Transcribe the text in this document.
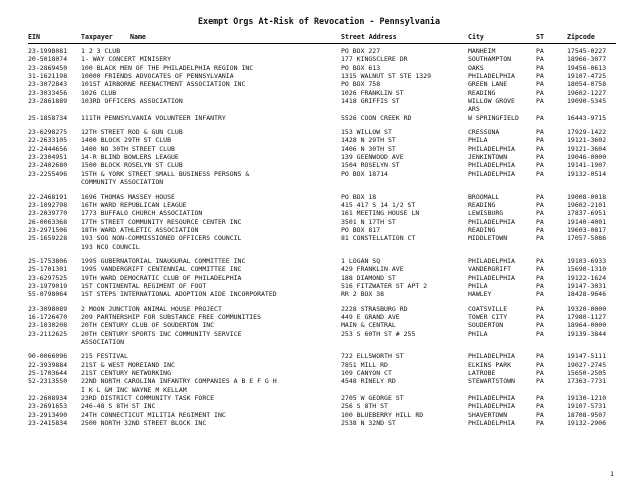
Exempt Orgs At-Risk of Revocation - Pennsylvania
EIN	Taxpayer	Name	Street Address	City	ST	Zipcode
23-1998081 1 2 3 CLUB	PO BOX 227	MANHEIM	PA	17545-0227
20-5018074 1- WAY CONCERT MINISERY	177 KINGSCLERE DR	SOUTHAMPTON	PA	18966-3077
23-2869450 100 BLACK MEN OF THE PHILADELPHIA REGION INC	PO BOX 613	OAKS	PA	19456-0613
31-1621198 10000 FRIENDS ADVOCATES OF PENNSYLVANIA	1315 WALNUT ST STE 1329	PHILADELPHIA	PA	19107-4725
23-3072843 101ST AIRBORNE REENACTMENT ASSOCIATION INC	PO BOX 758	GREEN LANE	PA	18054-0758
23-3033456 1026 CLUB	1026 FRANKLIN ST	READING	PA	19602-1227
23-2861889 103RD OFFICERS ASSOCIATION	1418 GRIFFIS ST	WILLOW GROVE	PA	19090-5345
ARS
25-1858734 111TH PENNSYLVANIA VOLUNTEER INFANTRY	5526 COON CREEK RD	W SPRINGFIELD	PA	16443-9715
23-6298275 12TH STREET ROD & GUN CLUB	153 WILLOW ST	CRESSONA	PA	17929-1422
22-2633105 1400 BLOCK 29TH ST CLUB	1428 N 29TH ST	PHILA	PA	19121-3602
22-2444656 1400 NO 30TH STREET CLUB	1406 N 30TH ST	PHILADELPHIA	PA	19121-3604
23-2304951 14-R BLIND BOWLERS LEAGUE	139 GEENWOOD AVE	JENKINTOWN	PA	19046-0000
23-2402680 1500 BLOCK ROSELYN ST CLUB	1504 ROSELYN ST	PHILADELPHIA	PA	19141-1907
23-2255496 15TH & YORK STREET SMALL BUSINESS PERSONS &	PO BOX 18714	PHILADELPHIA	PA	19132-0514
COMMUNITY ASSOCIATION
22-2468191 1696 THOMAS MASSEY HOUSE	PO BOX 18	BROOMALL	PA	19008-0018
23-1092798 16TH WARD REPUBLICAN LEAGUE	415 417 S 14 1/2 ST	READING	PA	19602-2101
23-2039770 1773 BUFFALO CHURCH ASSOCIATION	161 MEETING HOUSE LN	LEWISBURG	PA	17837-6951
26-0063368 17TH STREET COMMUNITY RESOURCE CENTER INC	3501 N 17TH ST	PHILADELPHIA	PA	19140-4001
23-2971506 18TH WARD ATHLETIC ASSOCIATION	PO BOX 817	READING	PA	19603-0817
25-1659228 193 SOG NON-COMMISSIONED OFFICERS COUNCIL	81 CONSTELLATION CT	MIDDLETOWN	PA	17057-5086
193 NCO COUNCIL
25-1753806 1995 GUBERNATORIAL INAUGURAL COMMITTEE INC	1 LOGAN SQ	PHILADELPHIA	PA	19103-6933
25-1701301 1995 VANDERGRIFT CENTENNIAL COMMITTEE INC	429 FRANKLIN AVE	VANDERGRIFT	PA	15690-1310
23-6297525 19TH WARD DEMOCRATIC CLUB OF PHILADELPHIA	188 DIAMOND ST	PHILADELPHIA	PA	19122-1624
23-1979019 1ST CONTINENTAL REGIMENT OF FOOT	516 FITZWATER ST APT 2	PHILA	PA	19147-3031
55-0798064 1ST STEPS INTERNATIONAL ADOPTION AIDE INCORPORATED	RR 2 BOX 38	HAWLEY	PA	18428-9646
23-3098089 2 MOON JUNCTION ANIMAL HOUSE PROJECT	2228 STRASBURG RD	COATSVILLE	PA	19320-0000
16-1726470 209 PARTNERSHIP FOR SUBSTANCE FREE COMMUNITIES	449 E GRAND AVE	TOWER CITY	PA	17980-1127
23-1030208 20TH CENTURY CLUB OF SOUDERTON INC	MAIN & CENTRAL	SOUDERTON	PA	18964-0000
23-2112625 20TH CENTURY SPORTS INC COMMUNITY SERVICE	253 S 60TH ST # 255	PHILA	PA	19139-3844
ASSOCIATION
90-0066096 215 FESTIVAL	722 ELLSWORTH ST	PHILADELPHIA	PA	19147-5111
22-3939884 21ST & WEST MOREIAND INC	7851 MILL RD	ELKINS PARK	PA	19027-2745
25-1703644 21ST CENTURY NETWORKING	109 CANYON CT	LATROBE	PA	15650-2505
52-2313550 22ND NORTH CAROLINA INFANTRY COMPANIES A B E F G H	4548 RINELY RD	STEWARTSTOWN	PA	17363-7731
I K L &M INC WAYNE M KELLAM
22-2608934 23RD DISTRICT COMMUNITY TASK FORCE	2705 W GEORGE ST	PHILADELPHIA	PA	19130-1210
23-2691653 246-48 S 8TH ST INC	256 S 8TH ST	PHILADELPHIA	PA	19107-5731
23-2913490 24TH CONNECTICUT MILITIA REGIMENT INC	100 BLUEBERRY HILL RD	SHAVERTOWN	PA	18708-9507
23-2415834 2500 NORTH 32ND STREET BLOCK INC	2538 N 32ND ST	PHILADELPHIA	PA	19132-2906
1
